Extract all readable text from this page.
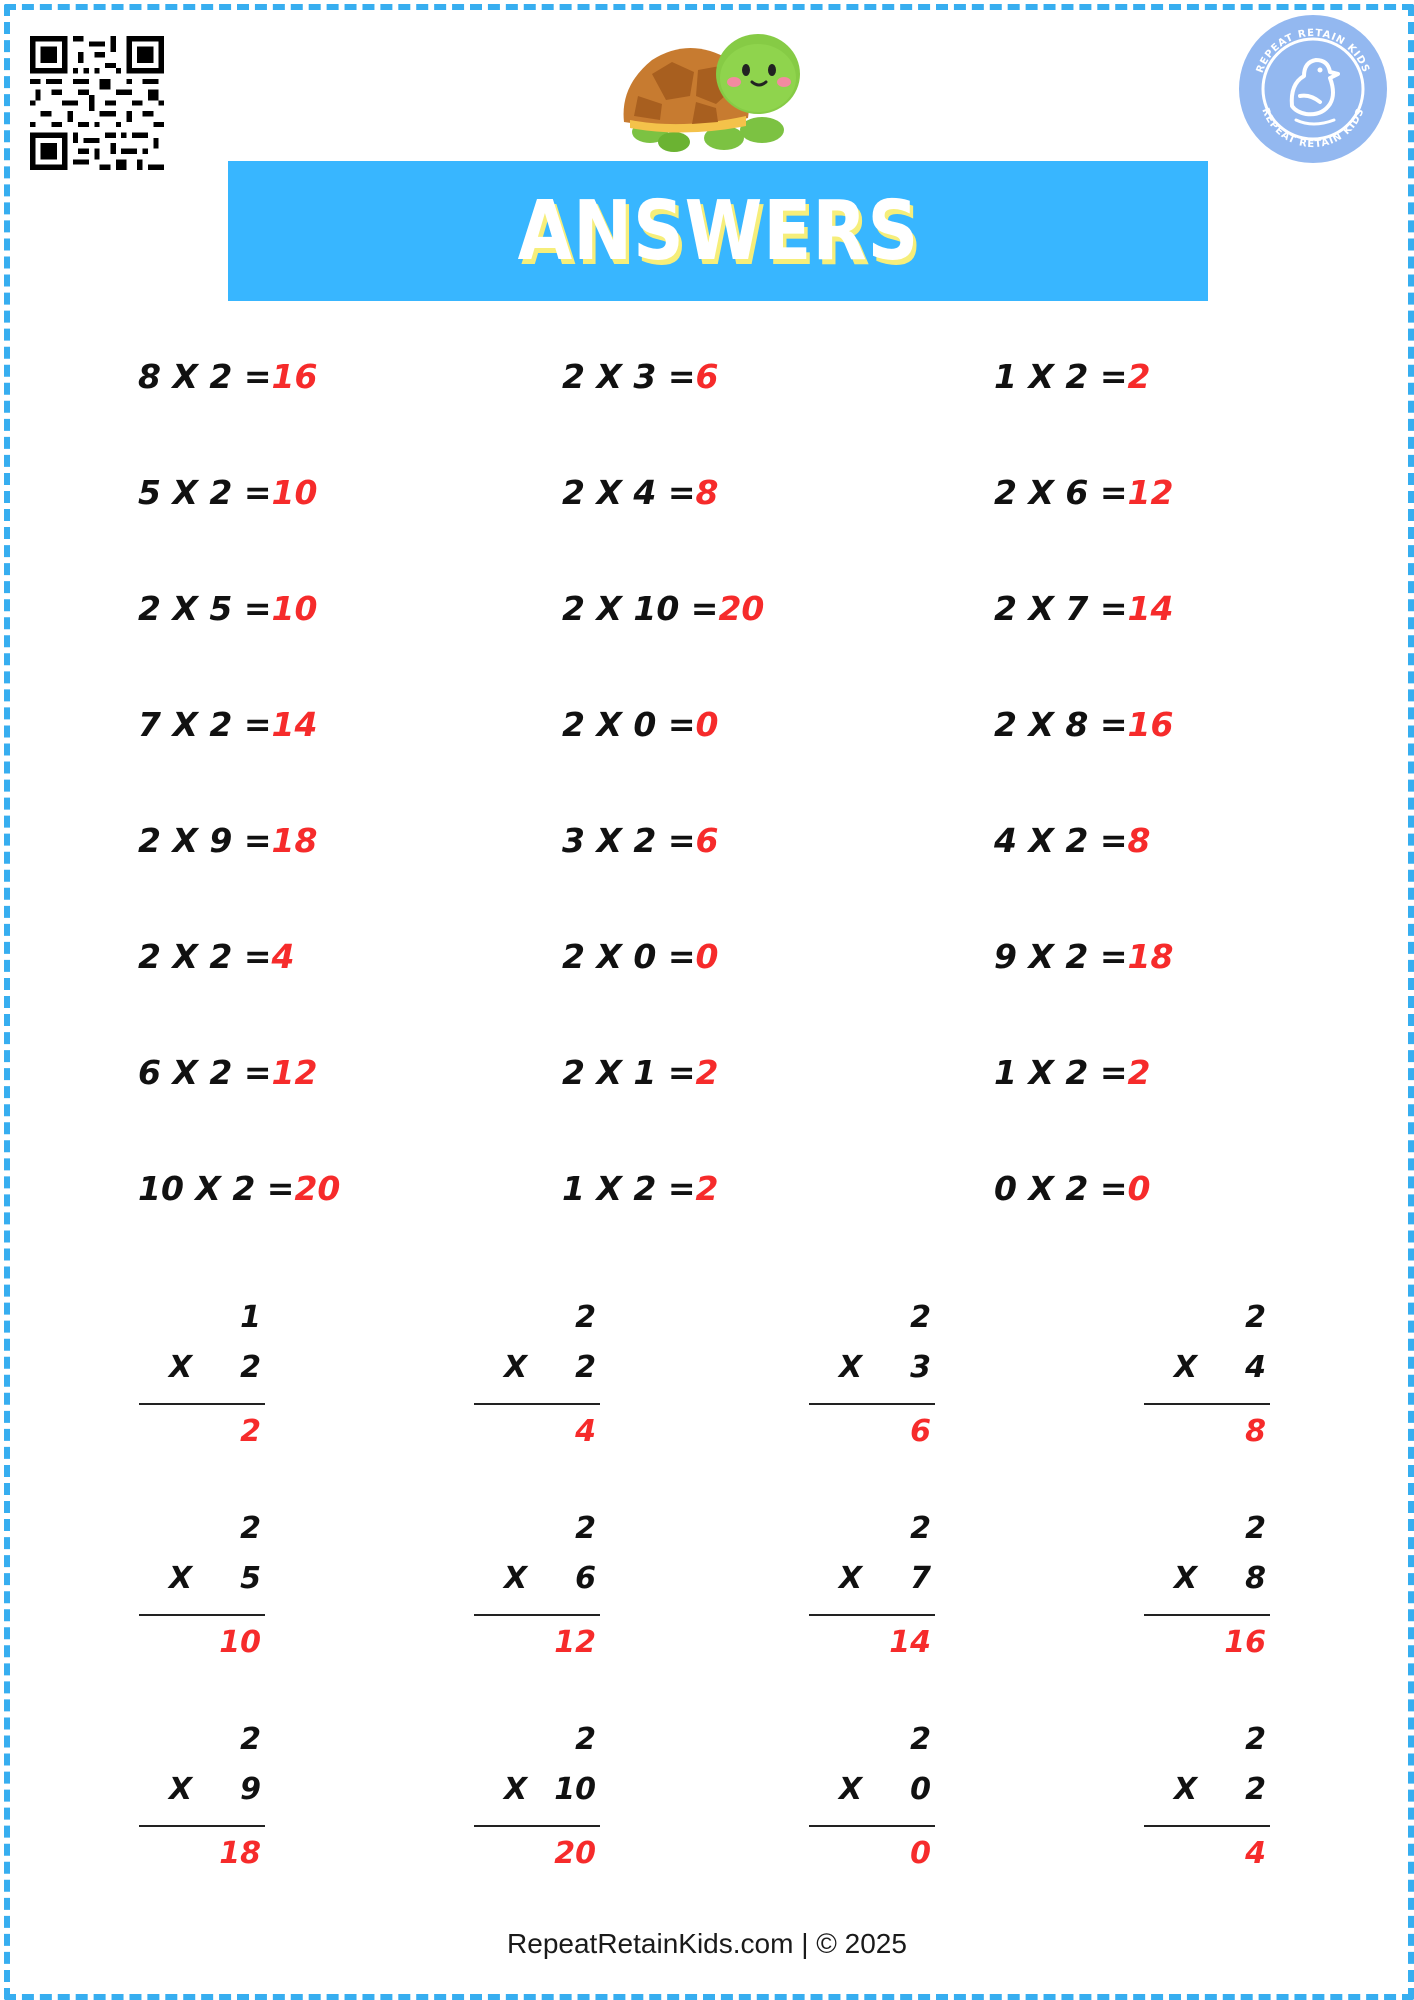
REPEAT RETAIN KIDS
REPEAT RETAIN KIDS
ANSWERS
8 X 2 = 16	2 X 3 = 6	1 X 2 = 2
5 X 2 = 10	2 X 4 = 8	2 X 6 = 12
2 X 5 = 10	2 X 10 = 20	2 X 7 = 14
7 X 2 = 14	2 X 0 = 0	2 X 8 = 16
2 X 9 = 18	3 X 2 = 6	4 X 2 = 8
2 X 2 = 4	2 X 0 = 0	9 X 2 = 18
6 X 2 = 12	2 X 1 = 2	1 X 2 = 2
10 X 2 = 20	1 X 2 = 2	0 X 2 = 0
1
X 2
2
2
X 2
4
2
X 3
6
2
X 4
8
2
X 5
10
2
X 6
12
2
X 7
14
2
X 8
16
2
X 9
18
2
X 10
20
2
X 0
0
2
X 2
4
RepeatRetainKids.com | © 2025
